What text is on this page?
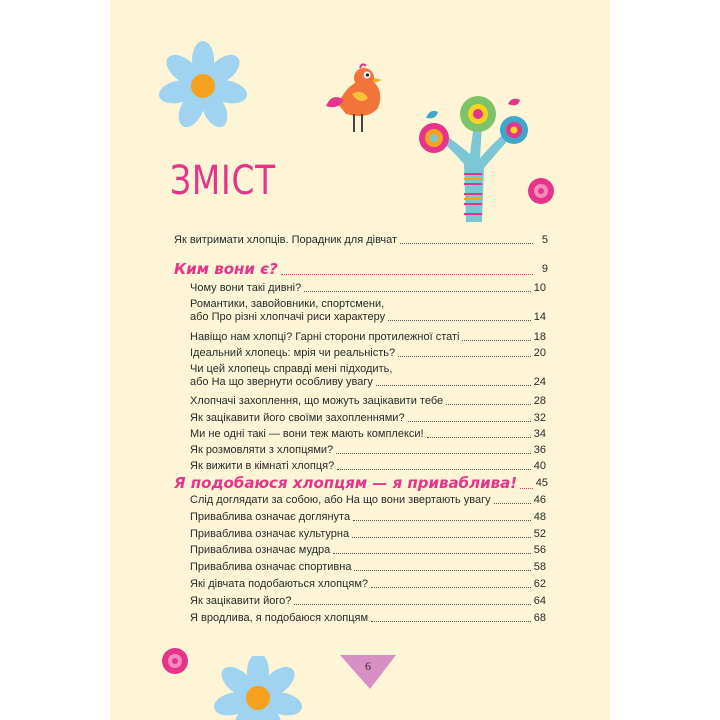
6
ЗМІСТ
Як витримати хлопців. Порадник для дівчат	5
Ким вони є?	9
Чому вони такі дивні?	10
Романтики, завойовники, спортсмени,
або Про різні хлопчачі риси характеру	14
Навіщо нам хлопці? Гарні сторони протилежної статі	18
Ідеальний хлопець: мрія чи реальність?	20
Чи цей хлопець справді мені підходить,
або На що звернути особливу увагу	24
Хлопчачі захоплення, що можуть зацікавити тебе	28
Як зацікавити його своїми захопленнями?	32
Ми не одні такі — вони теж мають комплекси!	34
Як розмовляти з хлопцями?	36
Як вижити в кімнаті хлопця?	40
Я подобаюся хлопцям — я приваблива! 45
Слід доглядати за собою, або На що вони звертають увагу	46
Приваблива означає доглянута	48
Приваблива означає культурна	52
Приваблива означає мудра	56
Приваблива означає спортивна	58
Які дівчата подобаються хлопцям?	62
Як зацікавити його?	64
Я вродлива, я подобаюся хлопцям	68
